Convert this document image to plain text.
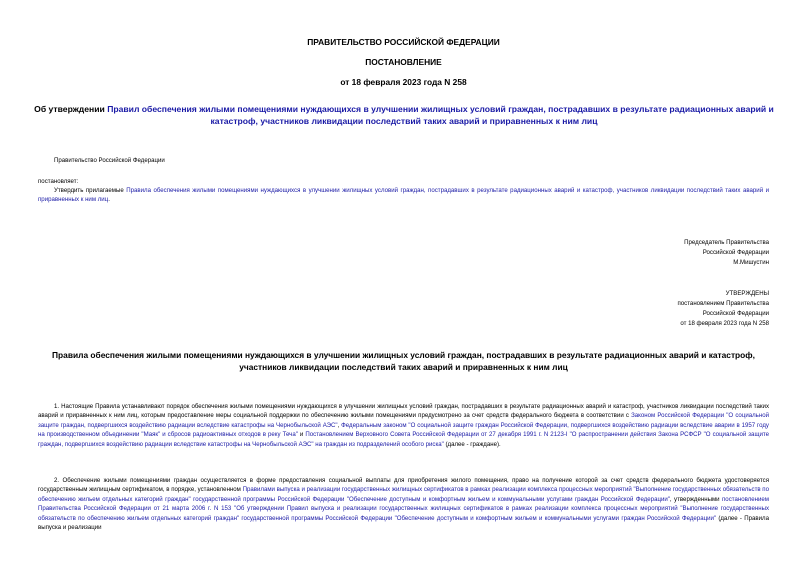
ПРАВИТЕЛЬСТВО РОССИЙСКОЙ ФЕДЕРАЦИИ
ПОСТАНОВЛЕНИЕ
от 18 февраля 2023 года N 258
Об утверждении Правил обеспечения жилыми помещениями нуждающихся в улучшении жилищных условий граждан, пострадавших в результате радиационных аварий и катастроф, участников ликвидации последствий таких аварий и приравненных к ним лиц
Правительство Российской Федерации
постановляет:
Утвердить прилагаемые Правила обеспечения жилыми помещениями нуждающихся в улучшении жилищных условий граждан, пострадавших в результате радиационных аварий и катастроф, участников ликвидации последствий таких аварий и приравненных к ним лиц.
Председатель Правительства
Российской Федерации
М.Мишустин
УТВЕРЖДЕНЫ
постановлением Правительства
Российской Федерации
от 18 февраля 2023 года N 258
Правила обеспечения жилыми помещениями нуждающихся в улучшении жилищных условий граждан, пострадавших в результате радиационных аварий и катастроф, участников ликвидации последствий таких аварий и приравненных к ним лиц
1. Настоящие Правила устанавливают порядок обеспечения жилыми помещениями нуждающихся в улучшении жилищных условий граждан, пострадавших в результате радиационных аварий и катастроф, участников ликвидации последствий таких аварий и приравненных к ним лиц, которым предоставление меры социальной поддержки по обеспечению жилыми помещениями предусмотрено за счет средств федерального бюджета в соответствии с Законом Российской Федерации "О социальной защите граждан, подвергшихся воздействию радиации вследствие катастрофы на Чернобыльской АЭС", Федеральным законом "О социальной защите граждан Российской Федерации, подвергшихся воздействию радиации вследствие аварии в 1957 году на производственном объединении "Маяк" и сбросов радиоактивных отходов в реку Теча" и Постановлением Верховного Совета Российской Федерации от 27 декабря 1991 г. N 2123-I "О распространении действия Закона РСФСР "О социальной защите граждан, подвергшихся воздействию радиации вследствие катастрофы на Чернобыльской АЭС" на граждан из подразделений особого риска" (далее - граждане).
2. Обеспечение жилыми помещениями граждан осуществляется в форме предоставления социальной выплаты для приобретения жилого помещения, право на получение которой за счет средств федерального бюджета удостоверяется государственным жилищным сертификатом, в порядке, установленном Правилами выпуска и реализации государственных жилищных сертификатов в рамках реализации комплекса процессных мероприятий "Выполнение государственных обязательств по обеспечению жильем отдельных категорий граждан" государственной программы Российской Федерации "Обеспечение доступным и комфортным жильем и коммунальными услугами граждан Российской Федерации", утвержденными постановлением Правительства Российской Федерации от 21 марта 2006 г. N 153 "Об утверждении Правил выпуска и реализации государственных жилищных сертификатов в рамках реализации комплекса процессных мероприятий "Выполнение государственных обязательств по обеспечению жильем отдельных категорий граждан" государственной программы Российской Федерации "Обеспечение доступным и комфортным жильем и коммунальными услугами граждан Российской Федерации" (далее - Правила выпуска и реализации
